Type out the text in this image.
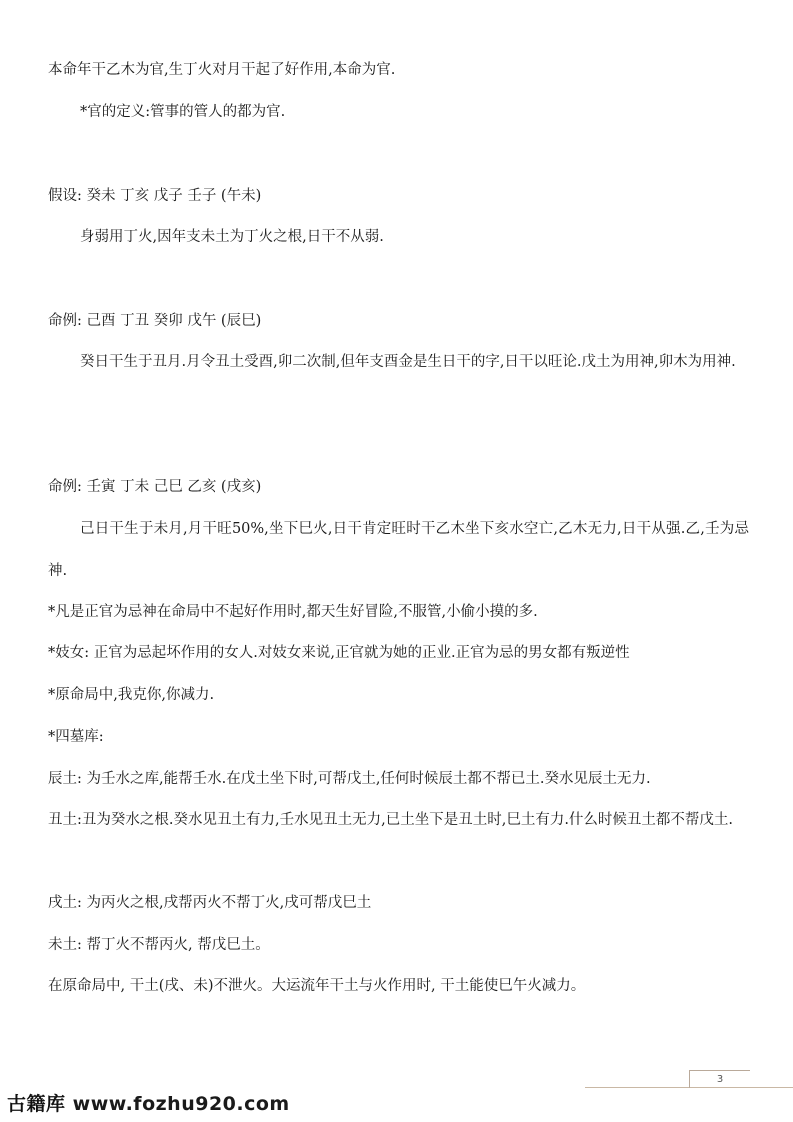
本命年干乙木为官,生丁火对月干起了好作用,本命为官.
*官的定义:管事的管人的都为官.
假设: 癸未 丁亥 戊子 壬子 (午未)
身弱用丁火,因年支未土为丁火之根,日干不从弱.
命例: 己酉 丁丑 癸卯 戊午 (辰巳)
癸日干生于丑月.月令丑土受酉,卯二次制,但年支酉金是生日干的字,日干以旺论.戊土为用神,卯木为用神.
命例: 壬寅 丁未 己巳 乙亥 (戌亥)
己日干生于未月,月干旺50%,坐下巳火,日干肯定旺时干乙木坐下亥水空亡,乙木无力,日干从强.乙,壬为忌神.
*凡是正官为忌神在命局中不起好作用时,都天生好冒险,不服管,小偷小摸的多.
*妓女: 正官为忌起坏作用的女人.对妓女来说,正官就为她的正业.正官为忌的男女都有叛逆性
*原命局中,我克你,你减力.
*四墓库:
辰土: 为壬水之库,能帮壬水.在戊土坐下时,可帮戊土,任何时候辰土都不帮已土.癸水见辰土无力.
丑土:丑为癸水之根.癸水见丑土有力,壬水见丑土无力,已土坐下是丑土时,巳土有力.什么时候丑土都不帮戊土.
戌土: 为丙火之根,戌帮丙火不帮丁火,戌可帮戊巳土
未土: 帮丁火不帮丙火, 帮戊巳土。
在原命局中, 干土(戌、未)不泄火。大运流年干土与火作用时, 干土能使巳午火减力。
3
古籍库 www.fozhu920.com
